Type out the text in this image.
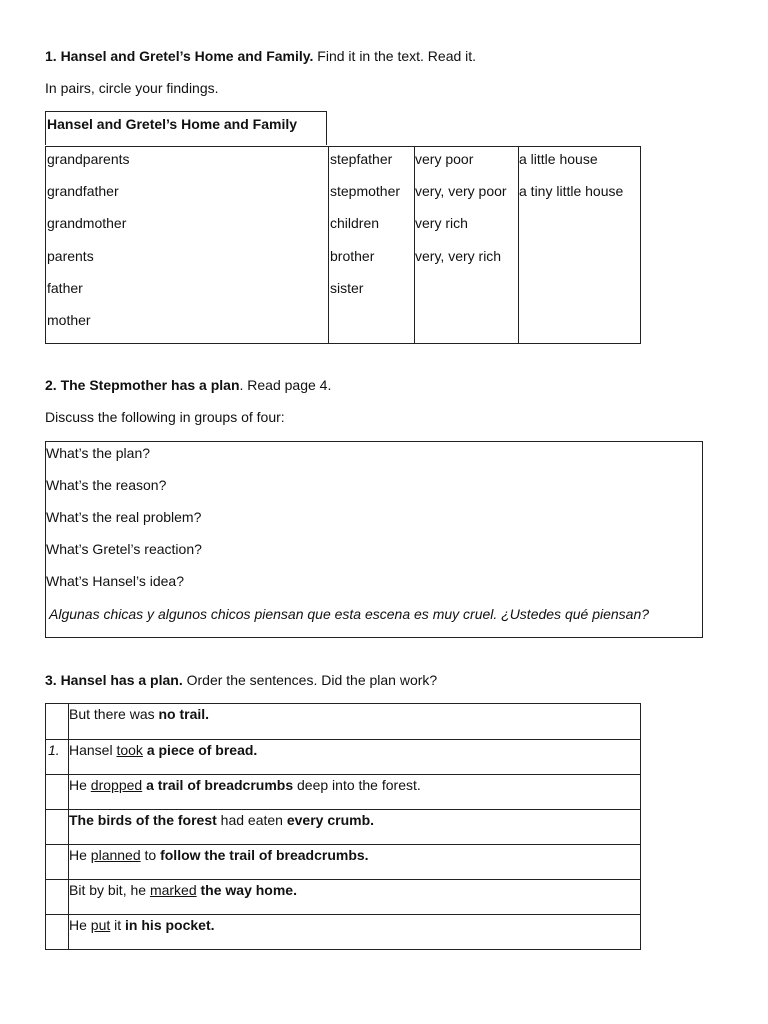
1. Hansel and Gretel’s Home and Family. Find it in the text. Read it.

In pairs, circle your findings.

Hansel and Gretel’s Home and Family
grandparents
grandfather
grandmother
parents
father
mother
stepfather
stepmother
children
brother
sister
very poor
very, very poor
very rich
very, very rich
a little house
a tiny little house

2. The Stepmother has a plan. Read page 4.

Discuss the following in groups of four:

Algunas chicas y algunos chicos piensan que esta escena es muy cruel. ¿Ustedes qué piensan?
What’s the plan?
What’s the reason?
What’s the real problem?
What’s Gretel’s reaction?
What’s Hansel’s idea?

3. Hansel has a plan. Order the sentences. Did the plan work?

But there was no trail.
1. Hansel took a piece of bread.
He dropped a trail of breadcrumbs deep into the forest.
The birds of the forest had eaten every crumb.
He planned to follow the trail of breadcrumbs.
Bit by bit, he marked the way home.
He put it in his pocket.
